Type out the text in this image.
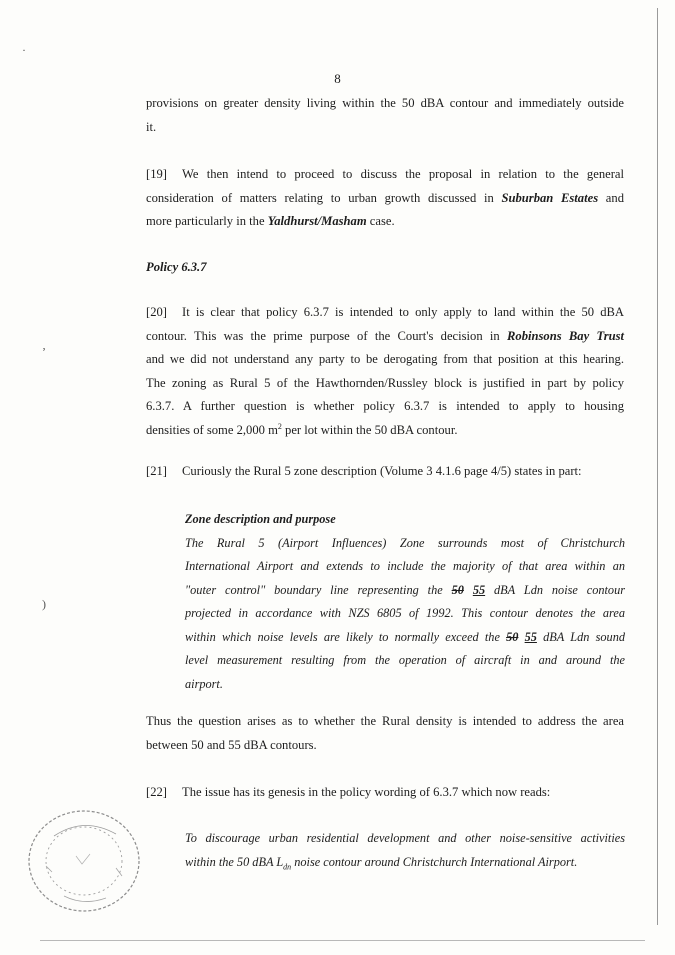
·
ʼ
)
8

provisions on greater density living within the 50 dBA contour and immediately outside

it.

[19] We then intend to proceed to discuss the proposal in relation to the general

consideration of matters relating to urban growth discussed in Suburban Estates and

more particularly in the Yaldhurst/Masham case.

Policy 6.3.7

[20] It is clear that policy 6.3.7 is intended to only apply to land within the 50 dBA

contour. This was the prime purpose of the Court's decision in Robinsons Bay Trust

and we did not understand any party to be derogating from that position at this hearing.

The zoning as Rural 5 of the Hawthornden/Russley block is justified in part by policy

6.3.7. A further question is whether policy 6.3.7 is intended to apply to housing

densities of some 2,000 $m^2$ per lot within the 50 dBA contour.

[21] Curiously the Rural 5 zone description (Volume 3 4.1.6 page 4/5) states in part:

Zone description and purpose

The Rural 5 (Airport Influences) Zone surrounds most of Christchurch

International Airport and extends to include the majority of that area within an

"outer control" boundary line representing the 50 55 dBA Ldn noise contour

projected in accordance with NZS 6805 of 1992. This contour denotes the area

within which noise levels are likely to normally exceed the 50 55 dBA Ldn sound

level measurement resulting from the operation of aircraft in and around the

airport.

Thus the question arises as to whether the Rural density is intended to address the area

between 50 and 55 dBA contours.

[22] The issue has its genesis in the policy wording of 6.3.7 which now reads:

To discourage urban residential development and other noise-sensitive activities

within the 50 dBA $L_{dn}$ noise contour around Christchurch International Airport.
